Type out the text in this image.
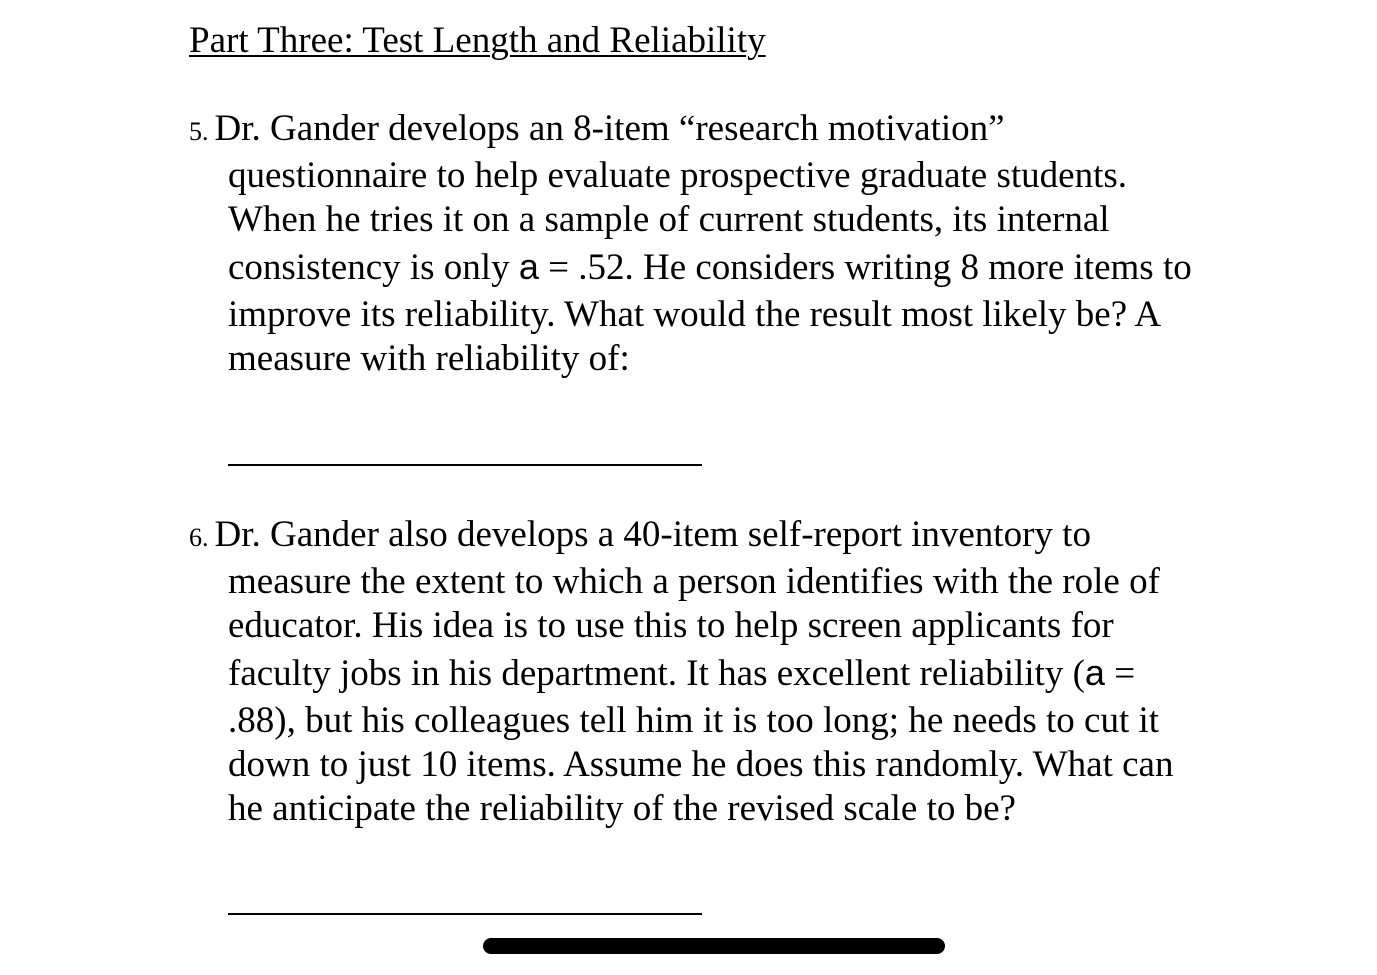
Part Three: Test Length and Reliability
5. Dr. Gander develops an 8-item “research motivation”
questionnaire to help evaluate prospective graduate students.
When he tries it on a sample of current students, its internal
consistency is only a = .52. He considers writing 8 more items to
improve its reliability. What would the result most likely be? A
measure with reliability of:
6. Dr. Gander also develops a 40-item self-report inventory to
measure the extent to which a person identifies with the role of
educator. His idea is to use this to help screen applicants for
faculty jobs in his department. It has excellent reliability (a =
.88), but his colleagues tell him it is too long; he needs to cut it
down to just 10 items. Assume he does this randomly. What can
he anticipate the reliability of the revised scale to be?
